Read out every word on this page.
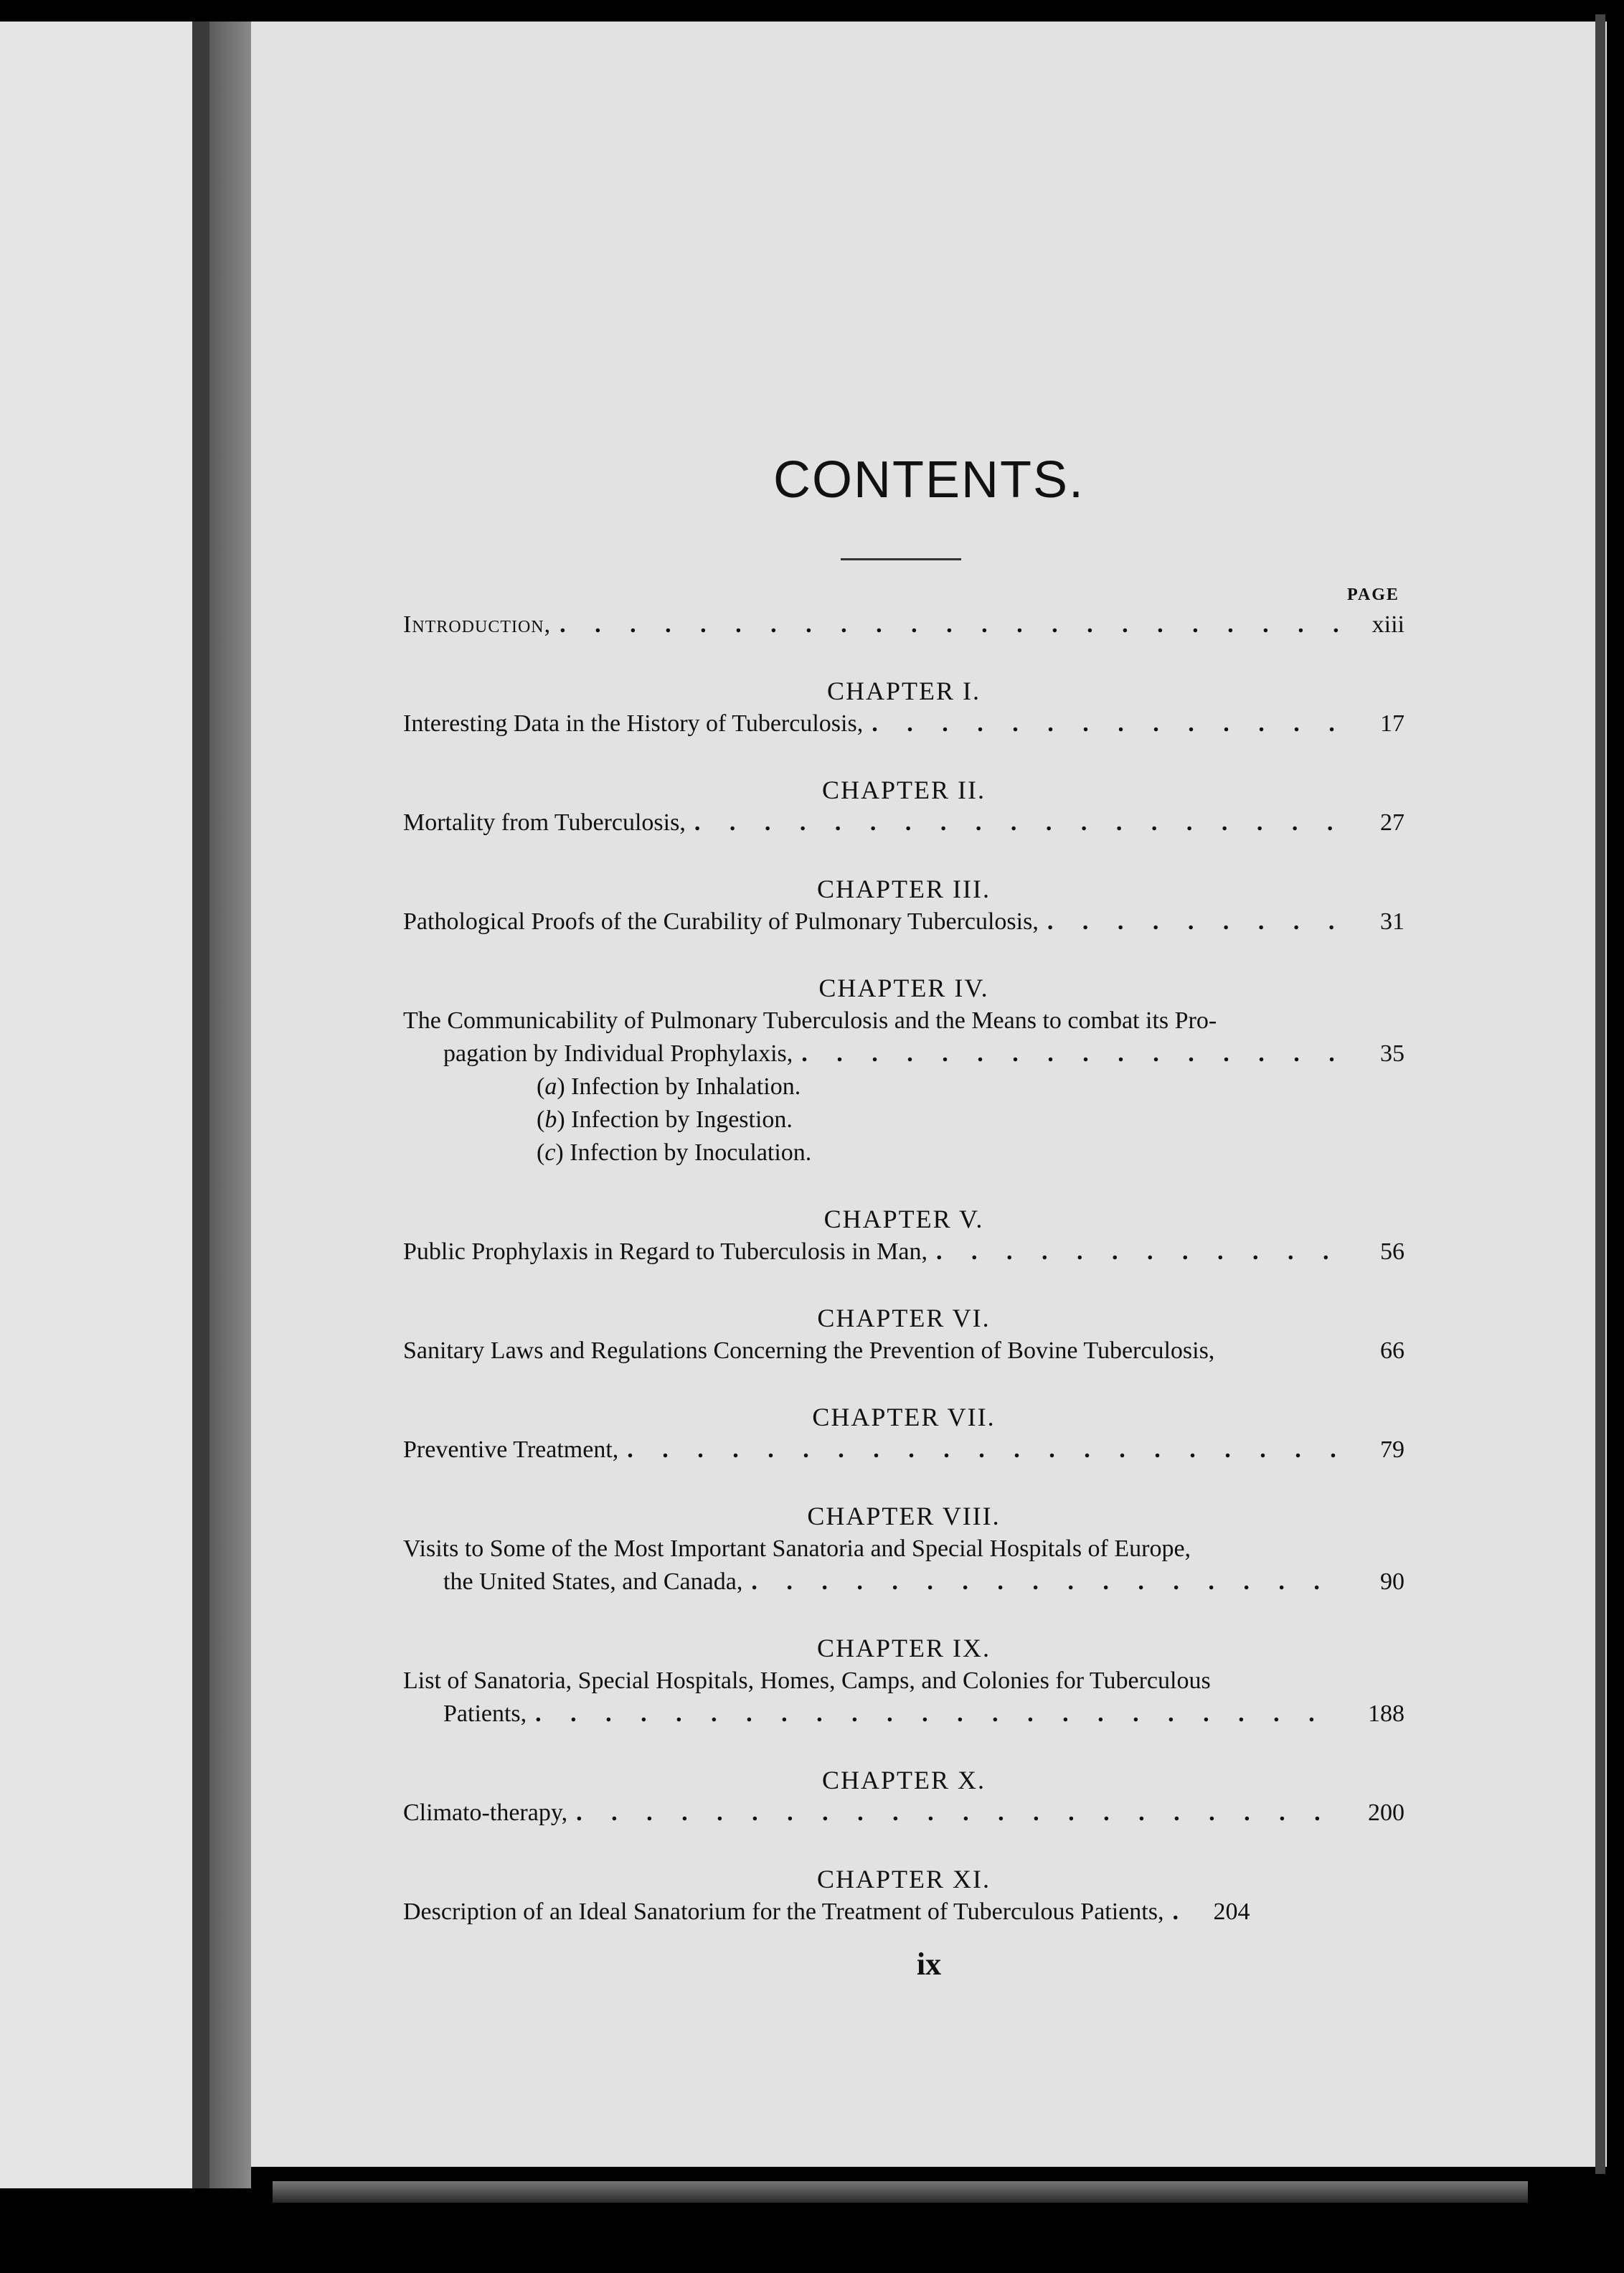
CONTENTS.
PAGE
Introduction, . . .	xiii
CHAPTER I.
Interesting Data in the History of Tuberculosis, . . .	17
CHAPTER II.
Mortality from Tuberculosis, . . .	27
CHAPTER III.
Pathological Proofs of the Curability of Pulmonary Tuberculosis, . . .	31
CHAPTER IV.
The Communicability of Pulmonary Tuberculosis and the Means to combat its Pro-
pagation by Individual Prophylaxis, . . .	35
(a) Infection by Inhalation.
(b) Infection by Ingestion.
(c) Infection by Inoculation.
CHAPTER V.
Public Prophylaxis in Regard to Tuberculosis in Man, . . .	56
CHAPTER VI.
Sanitary Laws and Regulations Concerning the Prevention of Bovine Tuberculosis,	66
CHAPTER VII.
Preventive Treatment, . . .	79
CHAPTER VIII.
Visits to Some of the Most Important Sanatoria and Special Hospitals of Europe,
the United States, and Canada, . . .	90
CHAPTER IX.
List of Sanatoria, Special Hospitals, Homes, Camps, and Colonies for Tuberculous
Patients, . . .	188
CHAPTER X.
Climato-therapy, . . .	200
CHAPTER XI.
Description of an Ideal Sanatorium for the Treatment of Tuberculous Patients, . . .	204
ix
